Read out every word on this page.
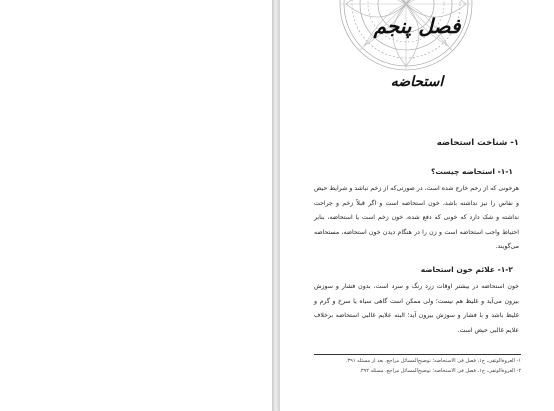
فصل پنجم
استحاضه
۱- شناخت استحاضه
۱-۱- استحاضه چیست؟

هرخونی که از رحم خارج شده است، در صورتی‌که از زخم نباشد و شرایط حیض و نفاس را نیز نداشته باشد، خون استحاضه است و اگر قبلاً زخم و جراحت نداشته و شک دارد که خونی که دفع شده، خون زخم است یا استحاضه، بنابر احتیاط واجب استحاضه است و زن را در هنگام دیدن خون استحاضه، مستحاضه می‌گویند.

۱-۲- علائم خون استحاضه

خون استحاضه در بیشتر اوقات زرد رنگ و سرد است، بدون فشار و سوزش بیرون می‌آید و غلیظ هم نیست؛ ولی ممکن است گاهی سیاه یا سرخ و گرم و غلیظ باشد و با فشار و سوزش بیرون آید؛ البته علایم غالبی استحاضه برخلاف علایم غالبی حیض است.

۱- العروةالوثقی، ج۱، فصل فی الاستحاضه؛ توضیح‌المسائل مراجع، بعد از مسئله ۳۹۱.
۲- العروةالوثقی، ج۱، فصل فی الاستحاضه؛ توضیح‌المسائل مراجع، مسئله ۳۹۲.
